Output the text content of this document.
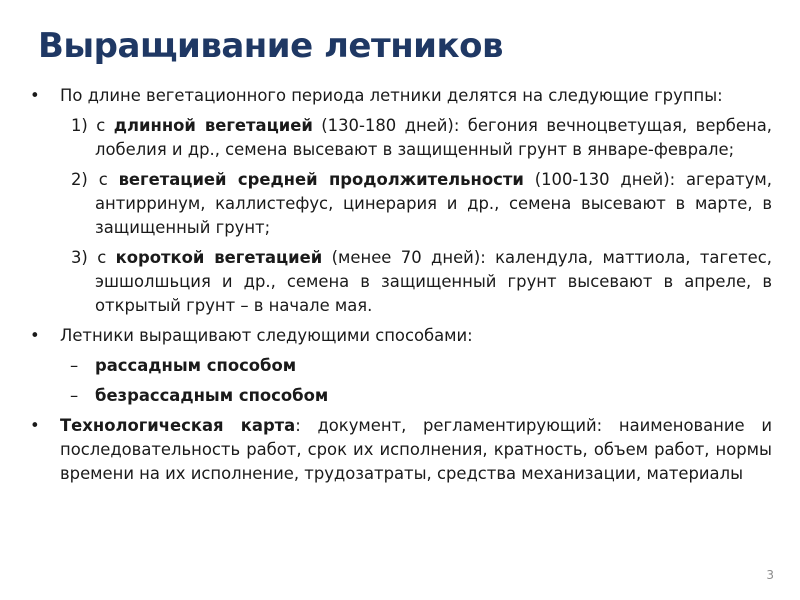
Выращивание летников

•	По длине вегетационного периода летники делятся на следующие группы:

1) с длинной вегетацией (130-180 дней): бегония вечноцветущая, вербена, лобелия и др., семена высевают в защищенный грунт в январе-феврале;

2) с вегетацией средней продолжительности (100-130 дней): агератум, антирринум, каллистефус, цинерария и др., семена высевают в марте, в защищенный грунт;

3) с короткой вегетацией (менее 70 дней): календула, маттиола, тагетес, эшшолшьция и др., семена в защищенный грунт высевают в апреле, в открытый грунт – в начале мая.

•	Летники выращивают следующими способами:

–	рассадным способом

–	безрассадным способом

•	Технологическая карта: документ, регламентирующий: наименование и последовательность работ, срок их исполнения, кратность, объем работ, нормы времени на их исполнение, трудозатраты, средства механизации, материалы

3
